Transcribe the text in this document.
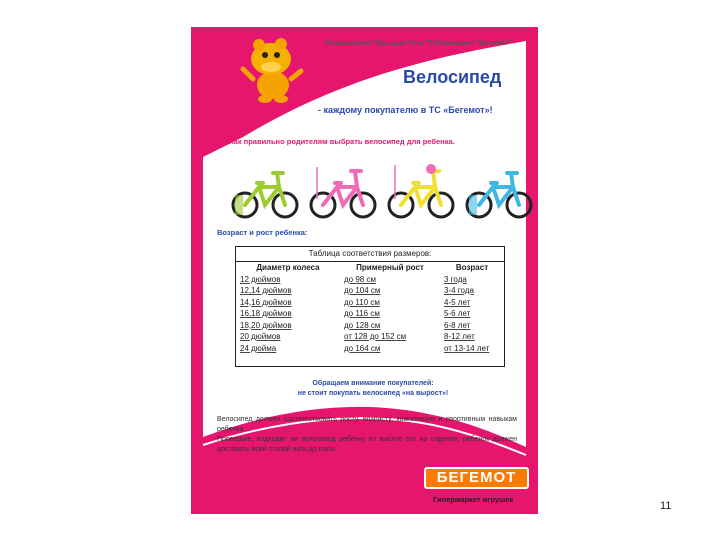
Федеральная Торговая Сеть "Гипермаркет "Бегемот"
Велосипед
- каждому покупателю в ТС «Бегемот»!
Как правильно родителям выбрать велосипед для ребенка.
Возраст и рост ребенка:
Таблица соответствия размеров:
Диаметр колеса	Примерный рост	Возраст
12 дюймов	до 98 см	3 года
12,14 дюймов	до 104 см	3-4 года
14,16 дюймов	до 110 см	4-5 лет
16,18 дюймов	до 116 см	5-6 лет
18,20 дюймов	до 128 см	6-8 лет
20 дюймов	от 128 до 152 см	8-12 лет
24 дюйма	до 164 см	от 13-14 лет
Обращаем внимание покупателей:
не стоит покупать велосипед «на вырост»!

Велосипед должен соответствовать росту, возрасту, комплекции и спортивным навыкам ребенка.

Проверьте, подходит ли велосипед ребенку по высоте его на сидение, ребенок должен доставать всей стопой ноги до пола.

БЕГЕМОТ
Гипермаркет игрушек
11
